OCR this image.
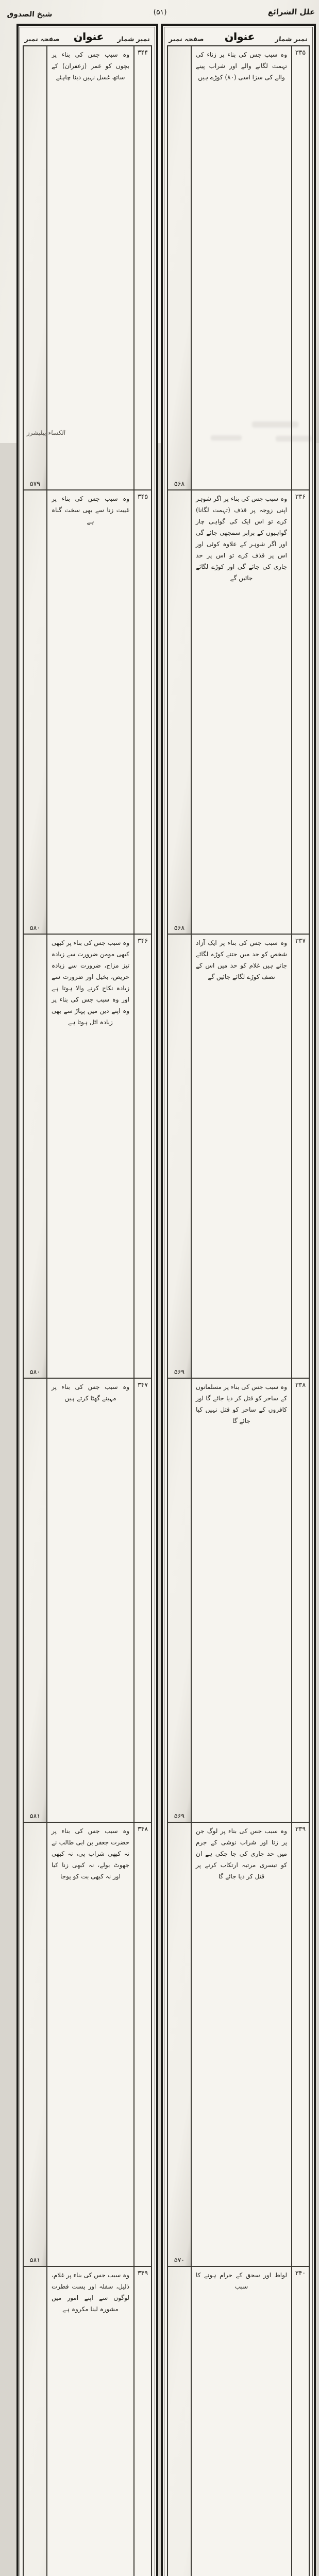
علل الشرائع
(۵۱)
شیخ الصدوق
نمبر شمار
عنوان
صفحہ نمبر
۳۳۵
وہ سبب جس کی بناء پر زناء کی تہمت لگانے والے اور شراب پینے والے کی سزا اسی (۸۰) کوڑے ہیں
۵۶۸
۳۳۶
وہ سبب جس کی بناء پر اگر شوہر اپنی زوجہ پر قذف (تہمت لگانا) کرے تو اس ایک کی گواہی چار گواہیوں کے برابر سمجھی جائے گی اور اگر شوہر کے علاوہ کوئی اور اس پر قذف کرے تو اس پر حد جاری کی جائے گی اور کوڑے لگائے جائیں گے
۵۶۸
۳۳۷
وہ سبب جس کی بناء پر ایک آزاد شخص کو حد میں جتنے کوڑے لگائے جاتے ہیں غلام کو حد میں اس کے نصف کوڑے لگائے جائیں گے
۵۶۹
۳۳۸
وہ سبب جس کی بناء پر مسلمانوں کے ساحر کو قتل کر دیا جائے گا اور کافروں کے ساحر کو قتل نہیں کیا جائے گا
۵۶۹
۳۳۹
وہ سبب جس کی بناء پر لوگ جن پر زنا اور شراب نوشی کے جرم میں حد جاری کی جا چکی ہے ان کو تیسری مرتبہ ارتکاب کرنے پر قتل کر دیا جائے گا
۵۷۰
۳۴۰
لواط اور سحق کے حرام ہونے کا سبب
نمبر شمار
عنوان
صفحہ نمبر
۳۴۴
وہ سبب جس کی بناء پر بچوں کو غمر (زعفران) کے ساتھ غسل نہیں دینا چاہئے
۵۷۹
۳۴۵
وہ سبب جس کی بناء پر غیبت زنا سے بھی سخت گناہ ہے
۵۸۰
۳۴۶
وہ سبب جس کی بناء پر کبھی کبھی مومن ضرورت سے زیادہ تیز مزاج، ضرورت سے زیادہ حریص، بخیل اور ضرورت سے زیادہ نکاح کرنے والا ہوتا ہے اور وہ سبب جس کی بناء پر وہ اپنے دین میں پہاڑ سے بھی زیادہ اٹل ہوتا ہے
۵۸۰
۳۴۷
وہ سبب جس کی بناء پر مہینے گھٹا کرتے ہیں
۵۸۱
۳۴۸
وہ سبب جس کی بناء پر حضرت جعفر بن ابی طالب نے نہ کبھی شراب پی، نہ کبھی جھوٹ بولے، نہ کبھی زنا کیا اور نہ کبھی بت کو پوجا
۵۸۱
۳۴۹
وہ سبب جس کی بناء پر غلام، ذلیل، سفلہ اور پست فطرت لوگوں سے اپنے امور میں مشورہ لینا مکروہ ہے
الکساء پبلیشرز
